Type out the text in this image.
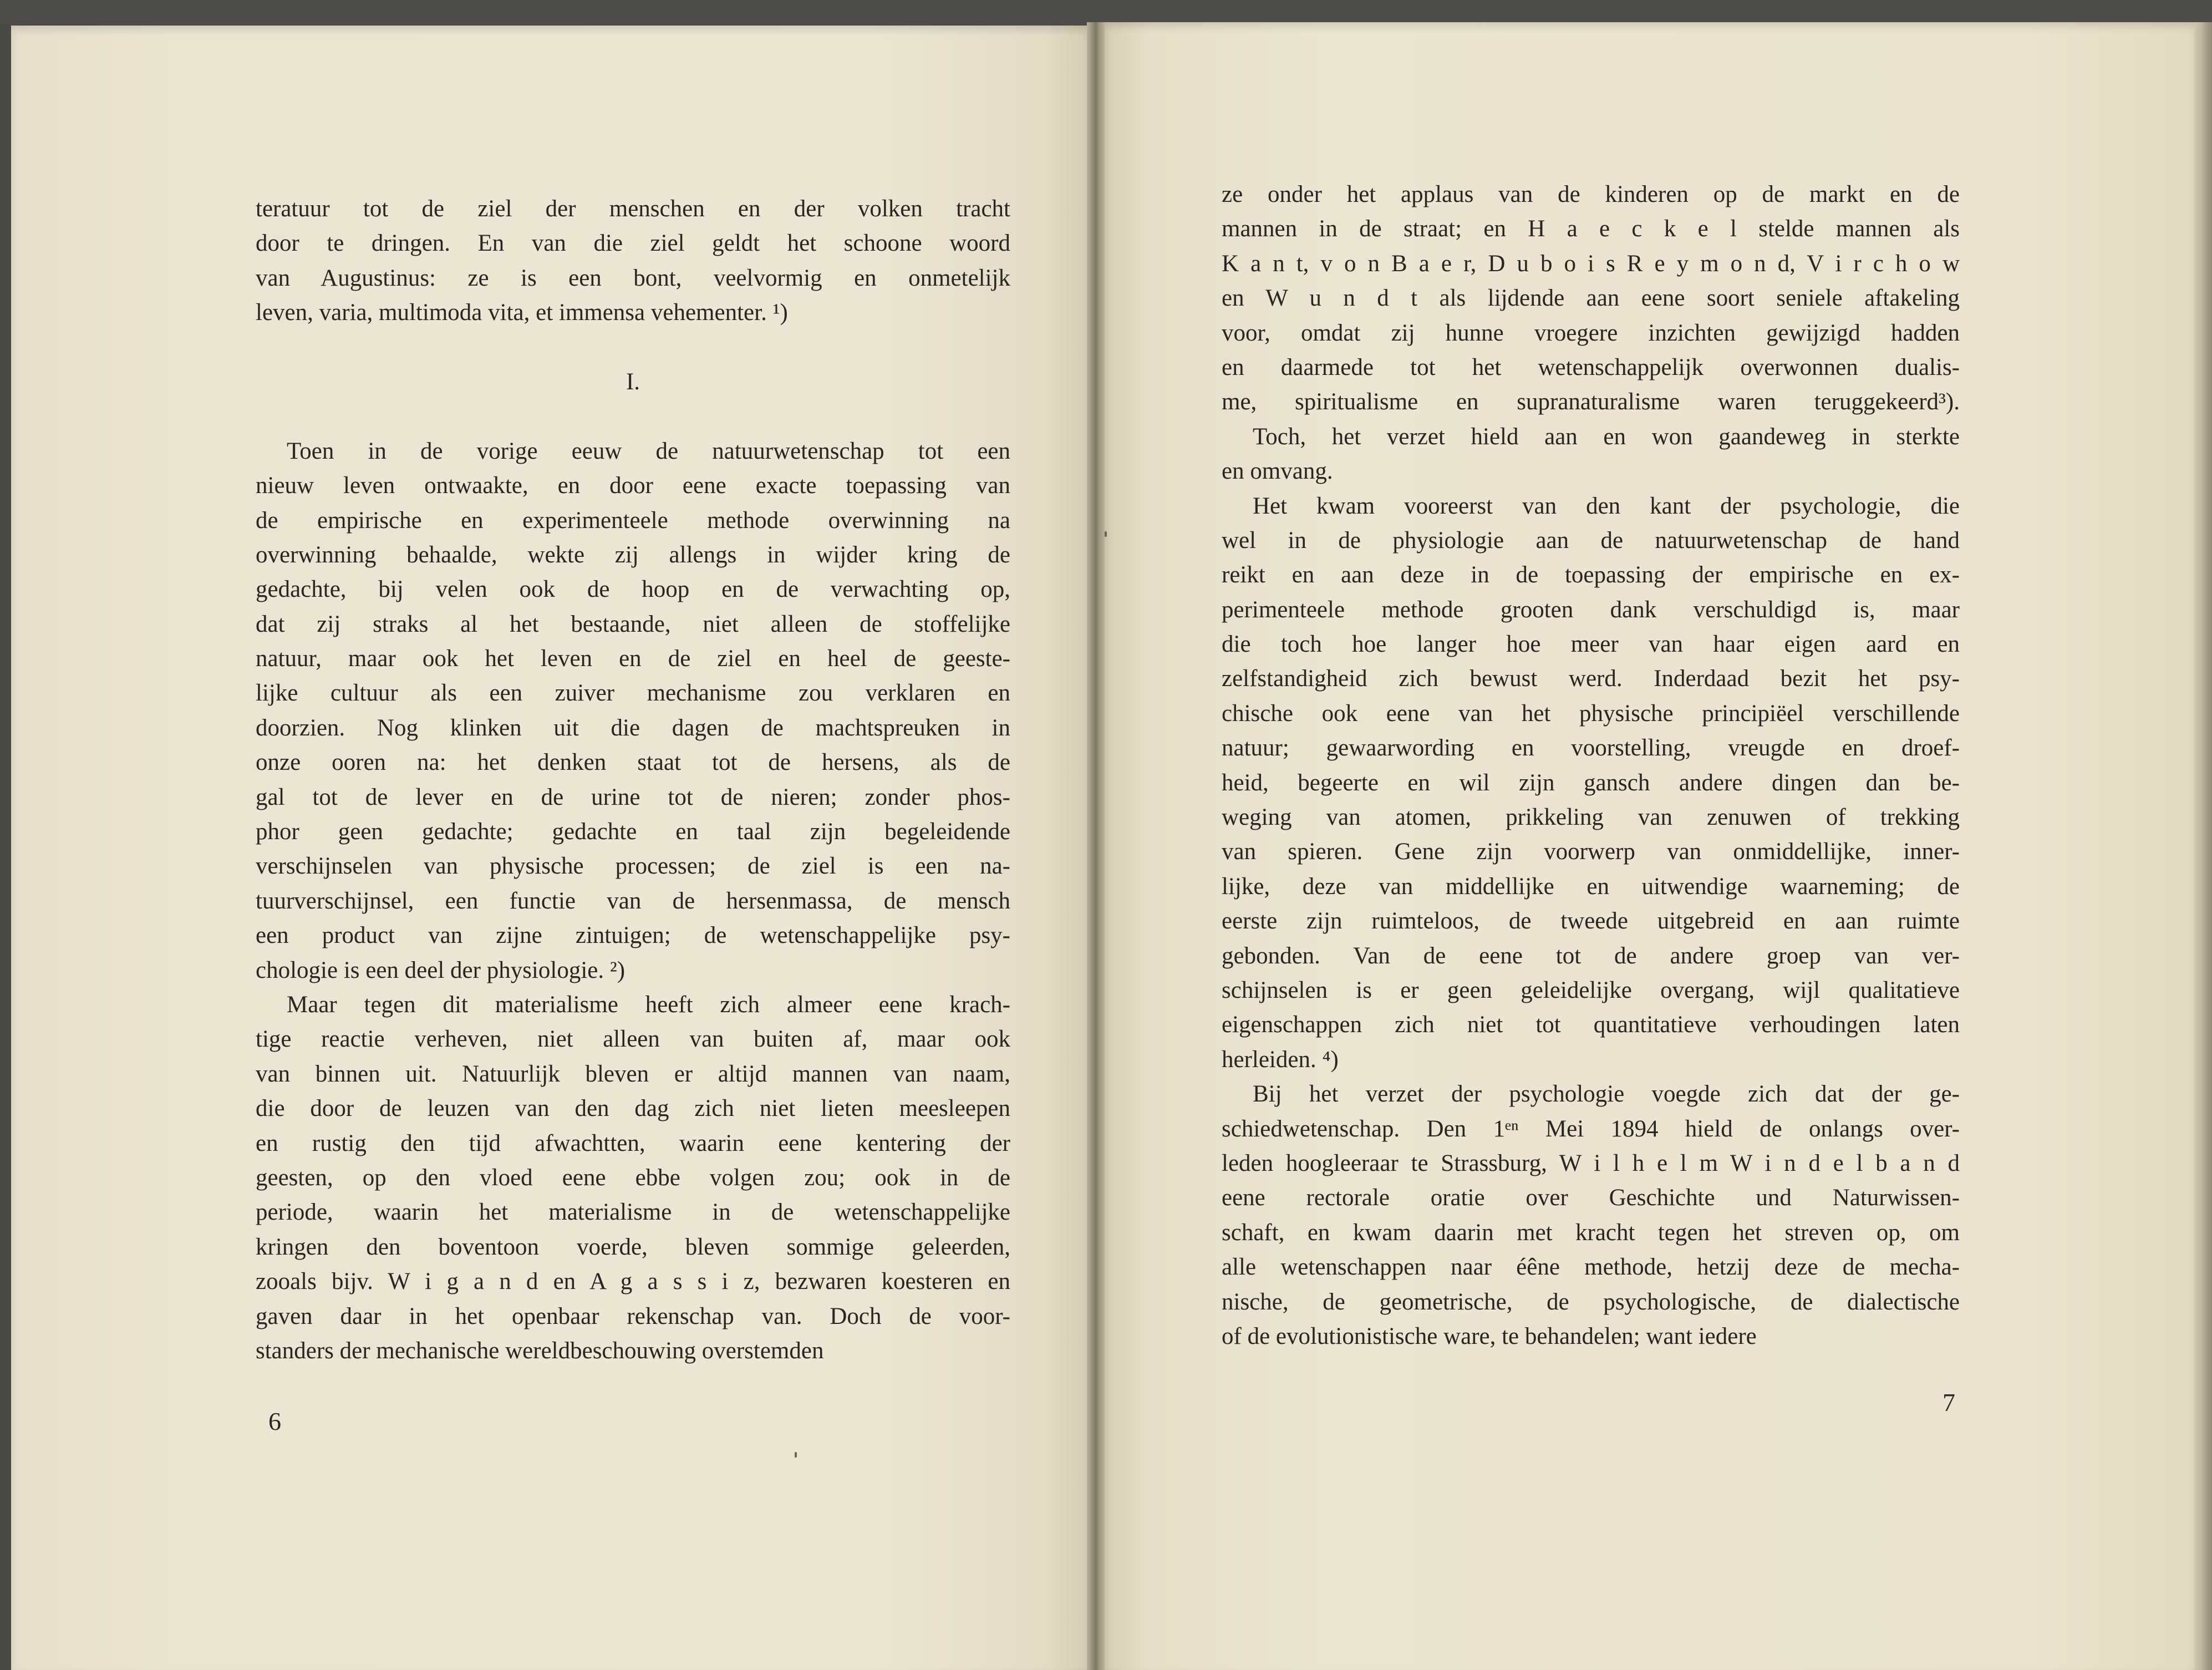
teratuur tot de ziel der menschen en der volken tracht
door te dringen. En van die ziel geldt het schoone woord
van Augustinus: ze is een bont, veelvormig en onmetelijk
leven, varia, multimoda vita, et immensa vehementer. ¹)
I.
Toen in de vorige eeuw de natuurwetenschap tot een
nieuw leven ontwaakte, en door eene exacte toepassing van
de empirische en experimenteele methode overwinning na
overwinning behaalde, wekte zij allengs in wijder kring de
gedachte, bij velen ook de hoop en de verwachting op,
dat zij straks al het bestaande, niet alleen de stoffelijke
natuur, maar ook het leven en de ziel en heel de geeste-
lijke cultuur als een zuiver mechanisme zou verklaren en
doorzien. Nog klinken uit die dagen de machtspreuken in
onze ooren na: het denken staat tot de hersens, als de
gal tot de lever en de urine tot de nieren; zonder phos-
phor geen gedachte; gedachte en taal zijn begeleidende
verschijnselen van physische processen; de ziel is een na-
tuurverschijnsel, een functie van de hersenmassa, de mensch
een product van zijne zintuigen; de wetenschappelijke psy-
chologie is een deel der physiologie. ²)
Maar tegen dit materialisme heeft zich almeer eene krach-
tige reactie verheven, niet alleen van buiten af, maar ook
van binnen uit. Natuurlijk bleven er altijd mannen van naam,
die door de leuzen van den dag zich niet lieten meesleepen
en rustig den tijd afwachtten, waarin eene kentering der
geesten, op den vloed eene ebbe volgen zou; ook in de
periode, waarin het materialisme in de wetenschappelijke
kringen den boventoon voerde, bleven sommige geleerden,
zooals bijv. W i g a n d en A g a s s i z, bezwaren koesteren en
gaven daar in het openbaar rekenschap van. Doch de voor-
standers der mechanische wereldbeschouwing overstemden
6
ze onder het applaus van de kinderen op de markt en de
mannen in de straat; en H a e c k e l stelde mannen als
K a n t, v o n B a e r, D u b o i s R e y m o n d, V i r c h o w
en W u n d t als lijdende aan eene soort seniele aftakeling
voor, omdat zij hunne vroegere inzichten gewijzigd hadden
en daarmede tot het wetenschappelijk overwonnen dualis-
me, spiritualisme en supranaturalisme waren teruggekeerd³).
Toch, het verzet hield aan en won gaandeweg in sterkte
en omvang.
Het kwam vooreerst van den kant der psychologie, die
wel in de physiologie aan de natuurwetenschap de hand
reikt en aan deze in de toepassing der empirische en ex-
perimenteele methode grooten dank verschuldigd is, maar
die toch hoe langer hoe meer van haar eigen aard en
zelfstandigheid zich bewust werd. Inderdaad bezit het psy-
chische ook eene van het physische principiëel verschillende
natuur; gewaarwording en voorstelling, vreugde en droef-
heid, begeerte en wil zijn gansch andere dingen dan be-
weging van atomen, prikkeling van zenuwen of trekking
van spieren. Gene zijn voorwerp van onmiddellijke, inner-
lijke, deze van middellijke en uitwendige waarneming; de
eerste zijn ruimteloos, de tweede uitgebreid en aan ruimte
gebonden. Van de eene tot de andere groep van ver-
schijnselen is er geen geleidelijke overgang, wijl qualitatieve
eigenschappen zich niet tot quantitatieve verhoudingen laten
herleiden. ⁴)
Bij het verzet der psychologie voegde zich dat der ge-
schiedwetenschap. Den 1ᵉⁿ Mei 1894 hield de onlangs over-
leden hoogleeraar te Strassburg, W i l h e l m W i n d e l b a n d
eene rectorale oratie over Geschichte und Naturwissen-
schaft, en kwam daarin met kracht tegen het streven op, om
alle wetenschappen naar éêne methode, hetzij deze de mecha-
nische, de geometrische, de psychologische, de dialectische
of de evolutionistische ware, te behandelen; want iedere
7
